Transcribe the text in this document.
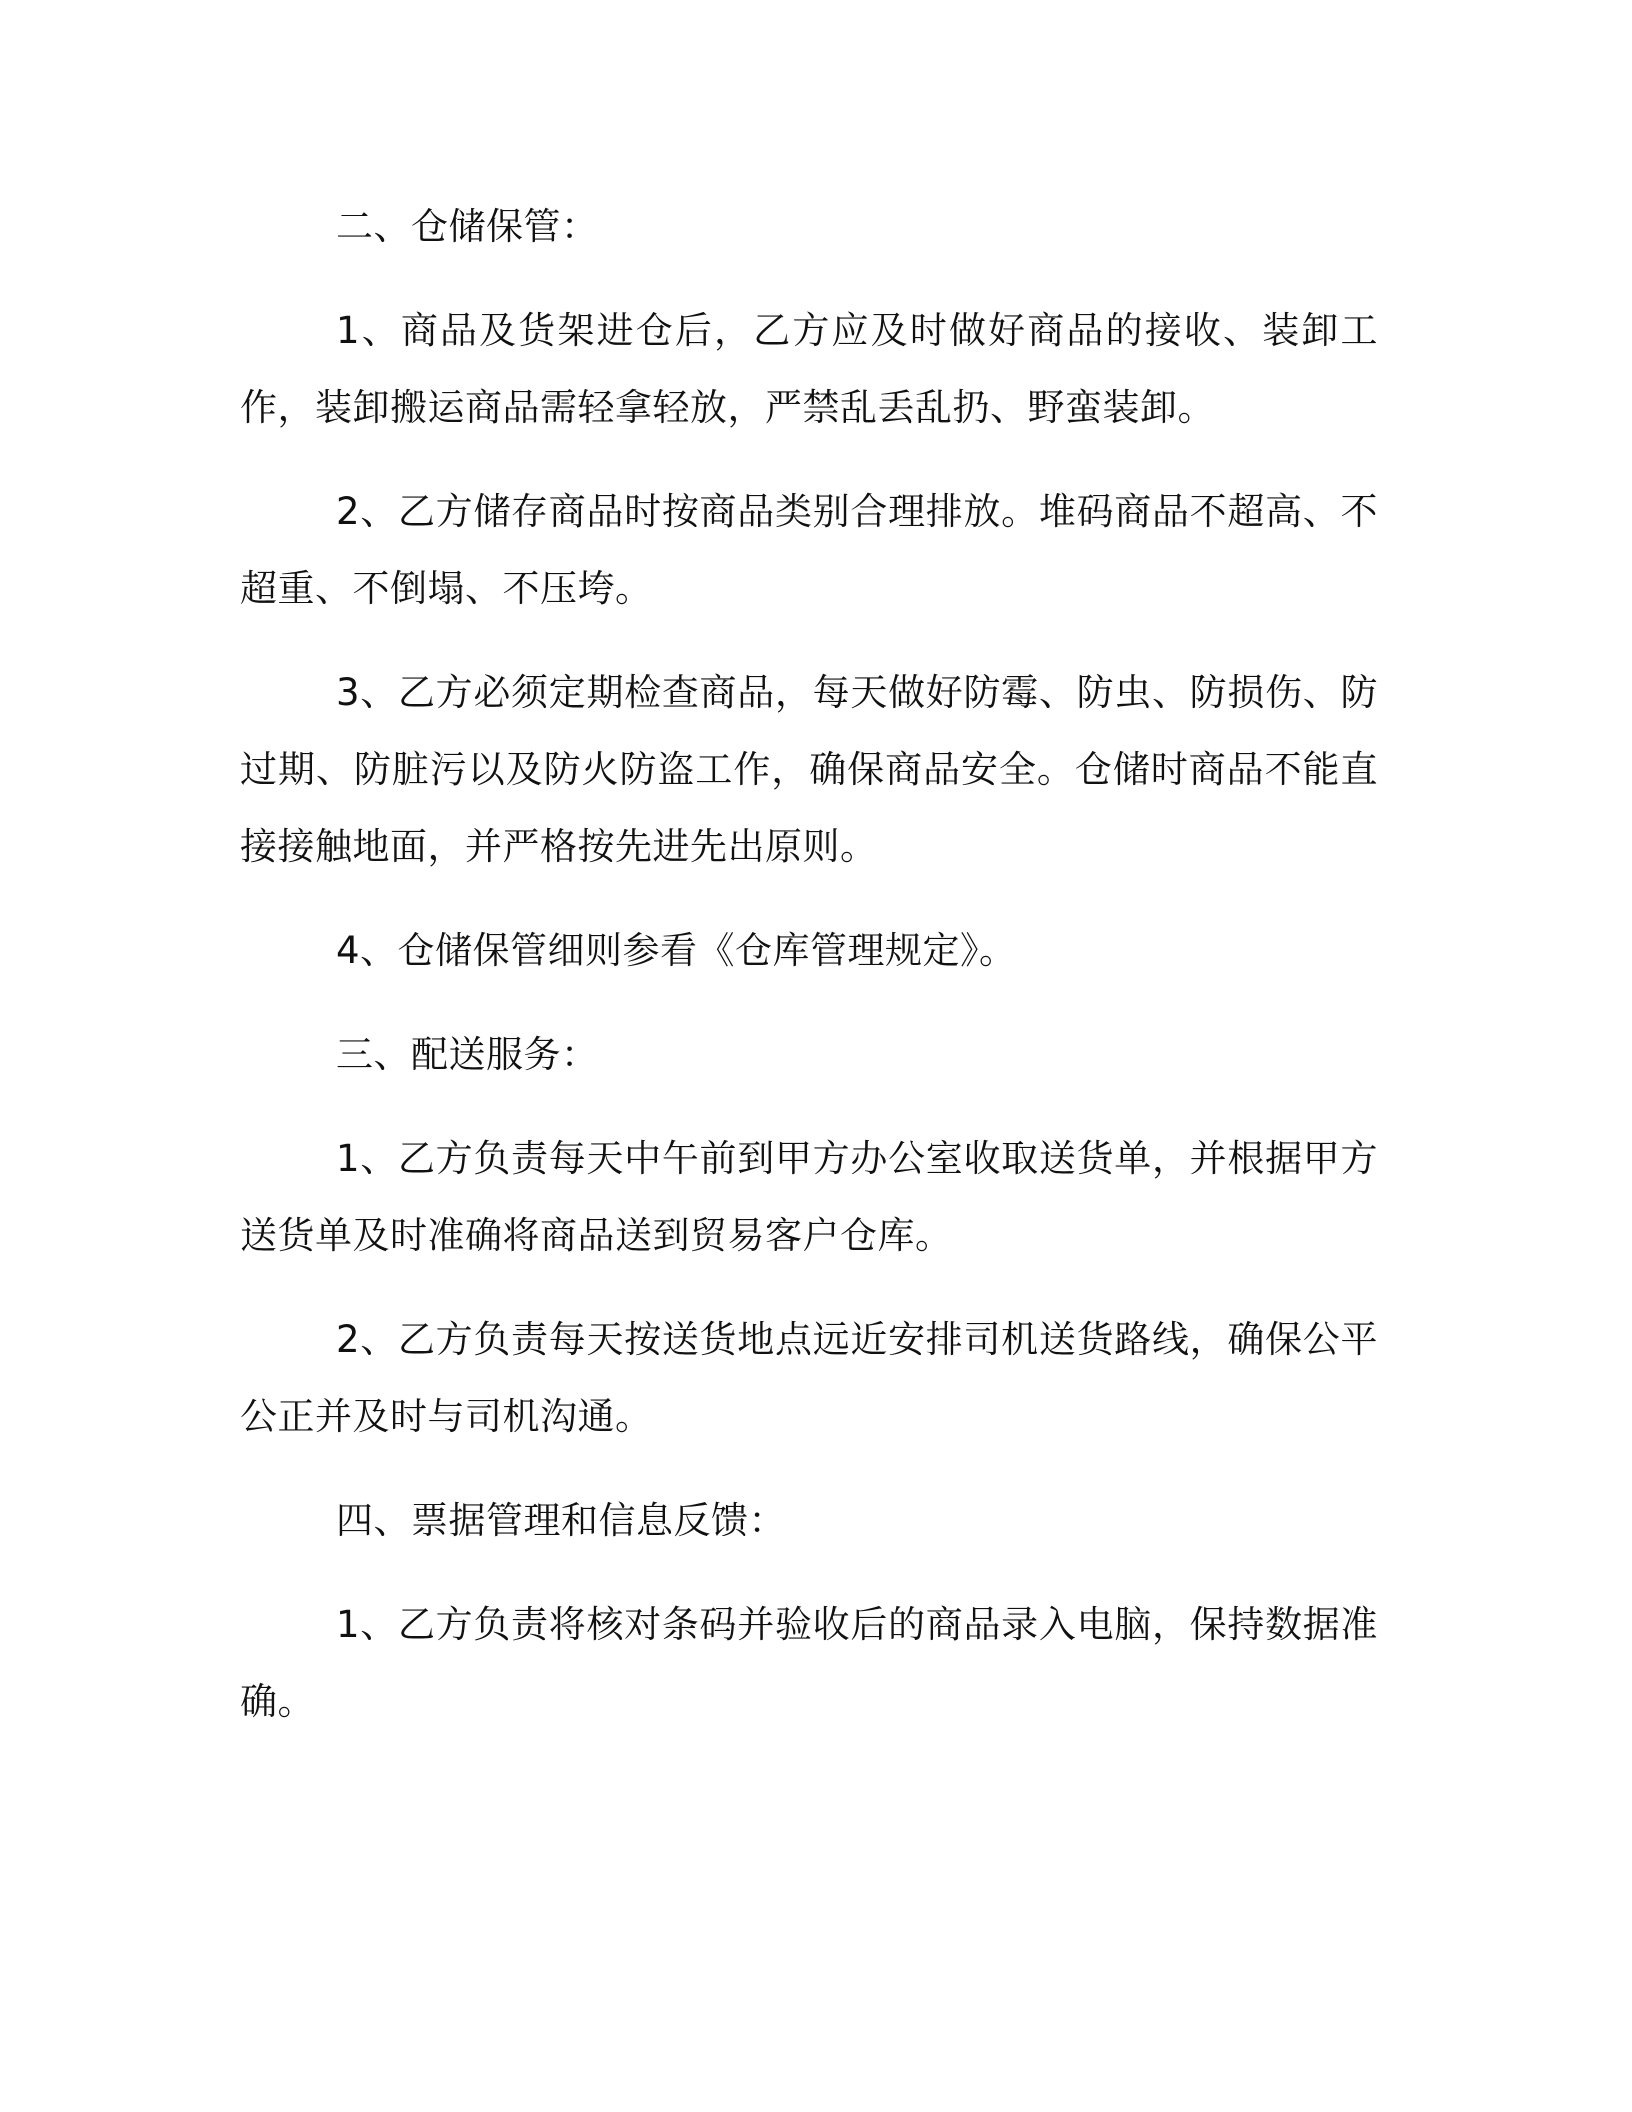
二、仓储保管：

1、商品及货架进仓后，乙方应及时做好商品的接收、装卸工作，装卸搬运商品需轻拿轻放，严禁乱丢乱扔、野蛮装卸。

2、乙方储存商品时按商品类别合理排放。堆码商品不超高、不超重、不倒塌、不压垮。

3、乙方必须定期检查商品，每天做好防霉、防虫、防损伤、防过期、防脏污以及防火防盗工作，确保商品安全。仓储时商品不能直接接触地面，并严格按先进先出原则。

4、仓储保管细则参看《仓库管理规定》。

三、配送服务：

1、乙方负责每天中午前到甲方办公室收取送货单，并根据甲方送货单及时准确将商品送到贸易客户仓库。

2、乙方负责每天按送货地点远近安排司机送货路线，确保公平公正并及时与司机沟通。

四、票据管理和信息反馈：

1、乙方负责将核对条码并验收后的商品录入电脑，保持数据准确。
